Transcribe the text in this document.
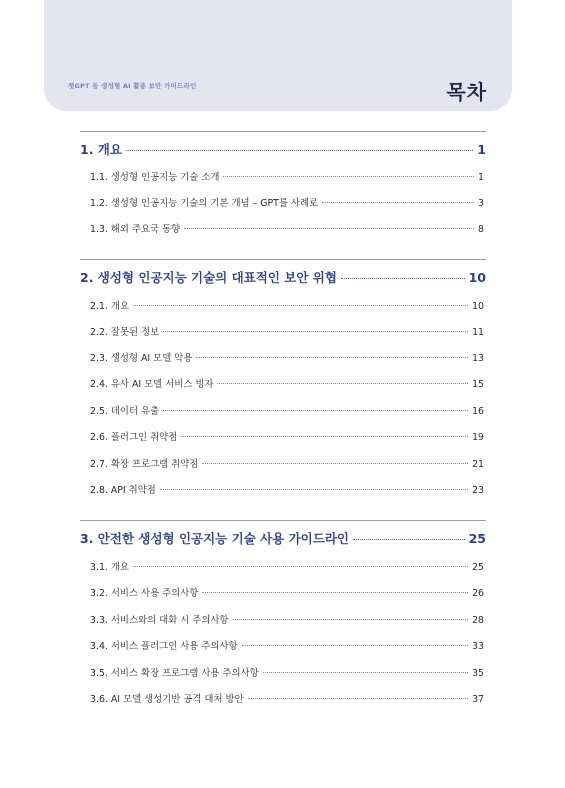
챗GPT 등 생성형 AI 활용 보안 가이드라인	목차
1. 개요	1
1.1. 생성형 인공지능 기술 소개	1
1.2. 생성형 인공지능 기술의 기본 개념 – GPT를 사례로	3
1.3. 해외 주요국 동향	8
2. 생성형 인공지능 기술의 대표적인 보안 위협	10
2.1. 개요	10
2.2. 잘못된 정보	11
2.3. 생성형 AI 모델 악용	13
2.4. 유사 AI 모델 서비스 빙자	15
2.5. 데이터 유출	16
2.6. 플러그인 취약점	19
2.7. 확장 프로그램 취약점	21
2.8. API 취약점	23
3. 안전한 생성형 인공지능 기술 사용 가이드라인	25
3.1. 개요	25
3.2. 서비스 사용 주의사항	26
3.3. 서비스와의 대화 시 주의사항	28
3.4. 서비스 플러그인 사용 주의사항	33
3.5. 서비스 확장 프로그램 사용 주의사항	35
3.6. AI 모델 생성기반 공격 대처 방안	37
